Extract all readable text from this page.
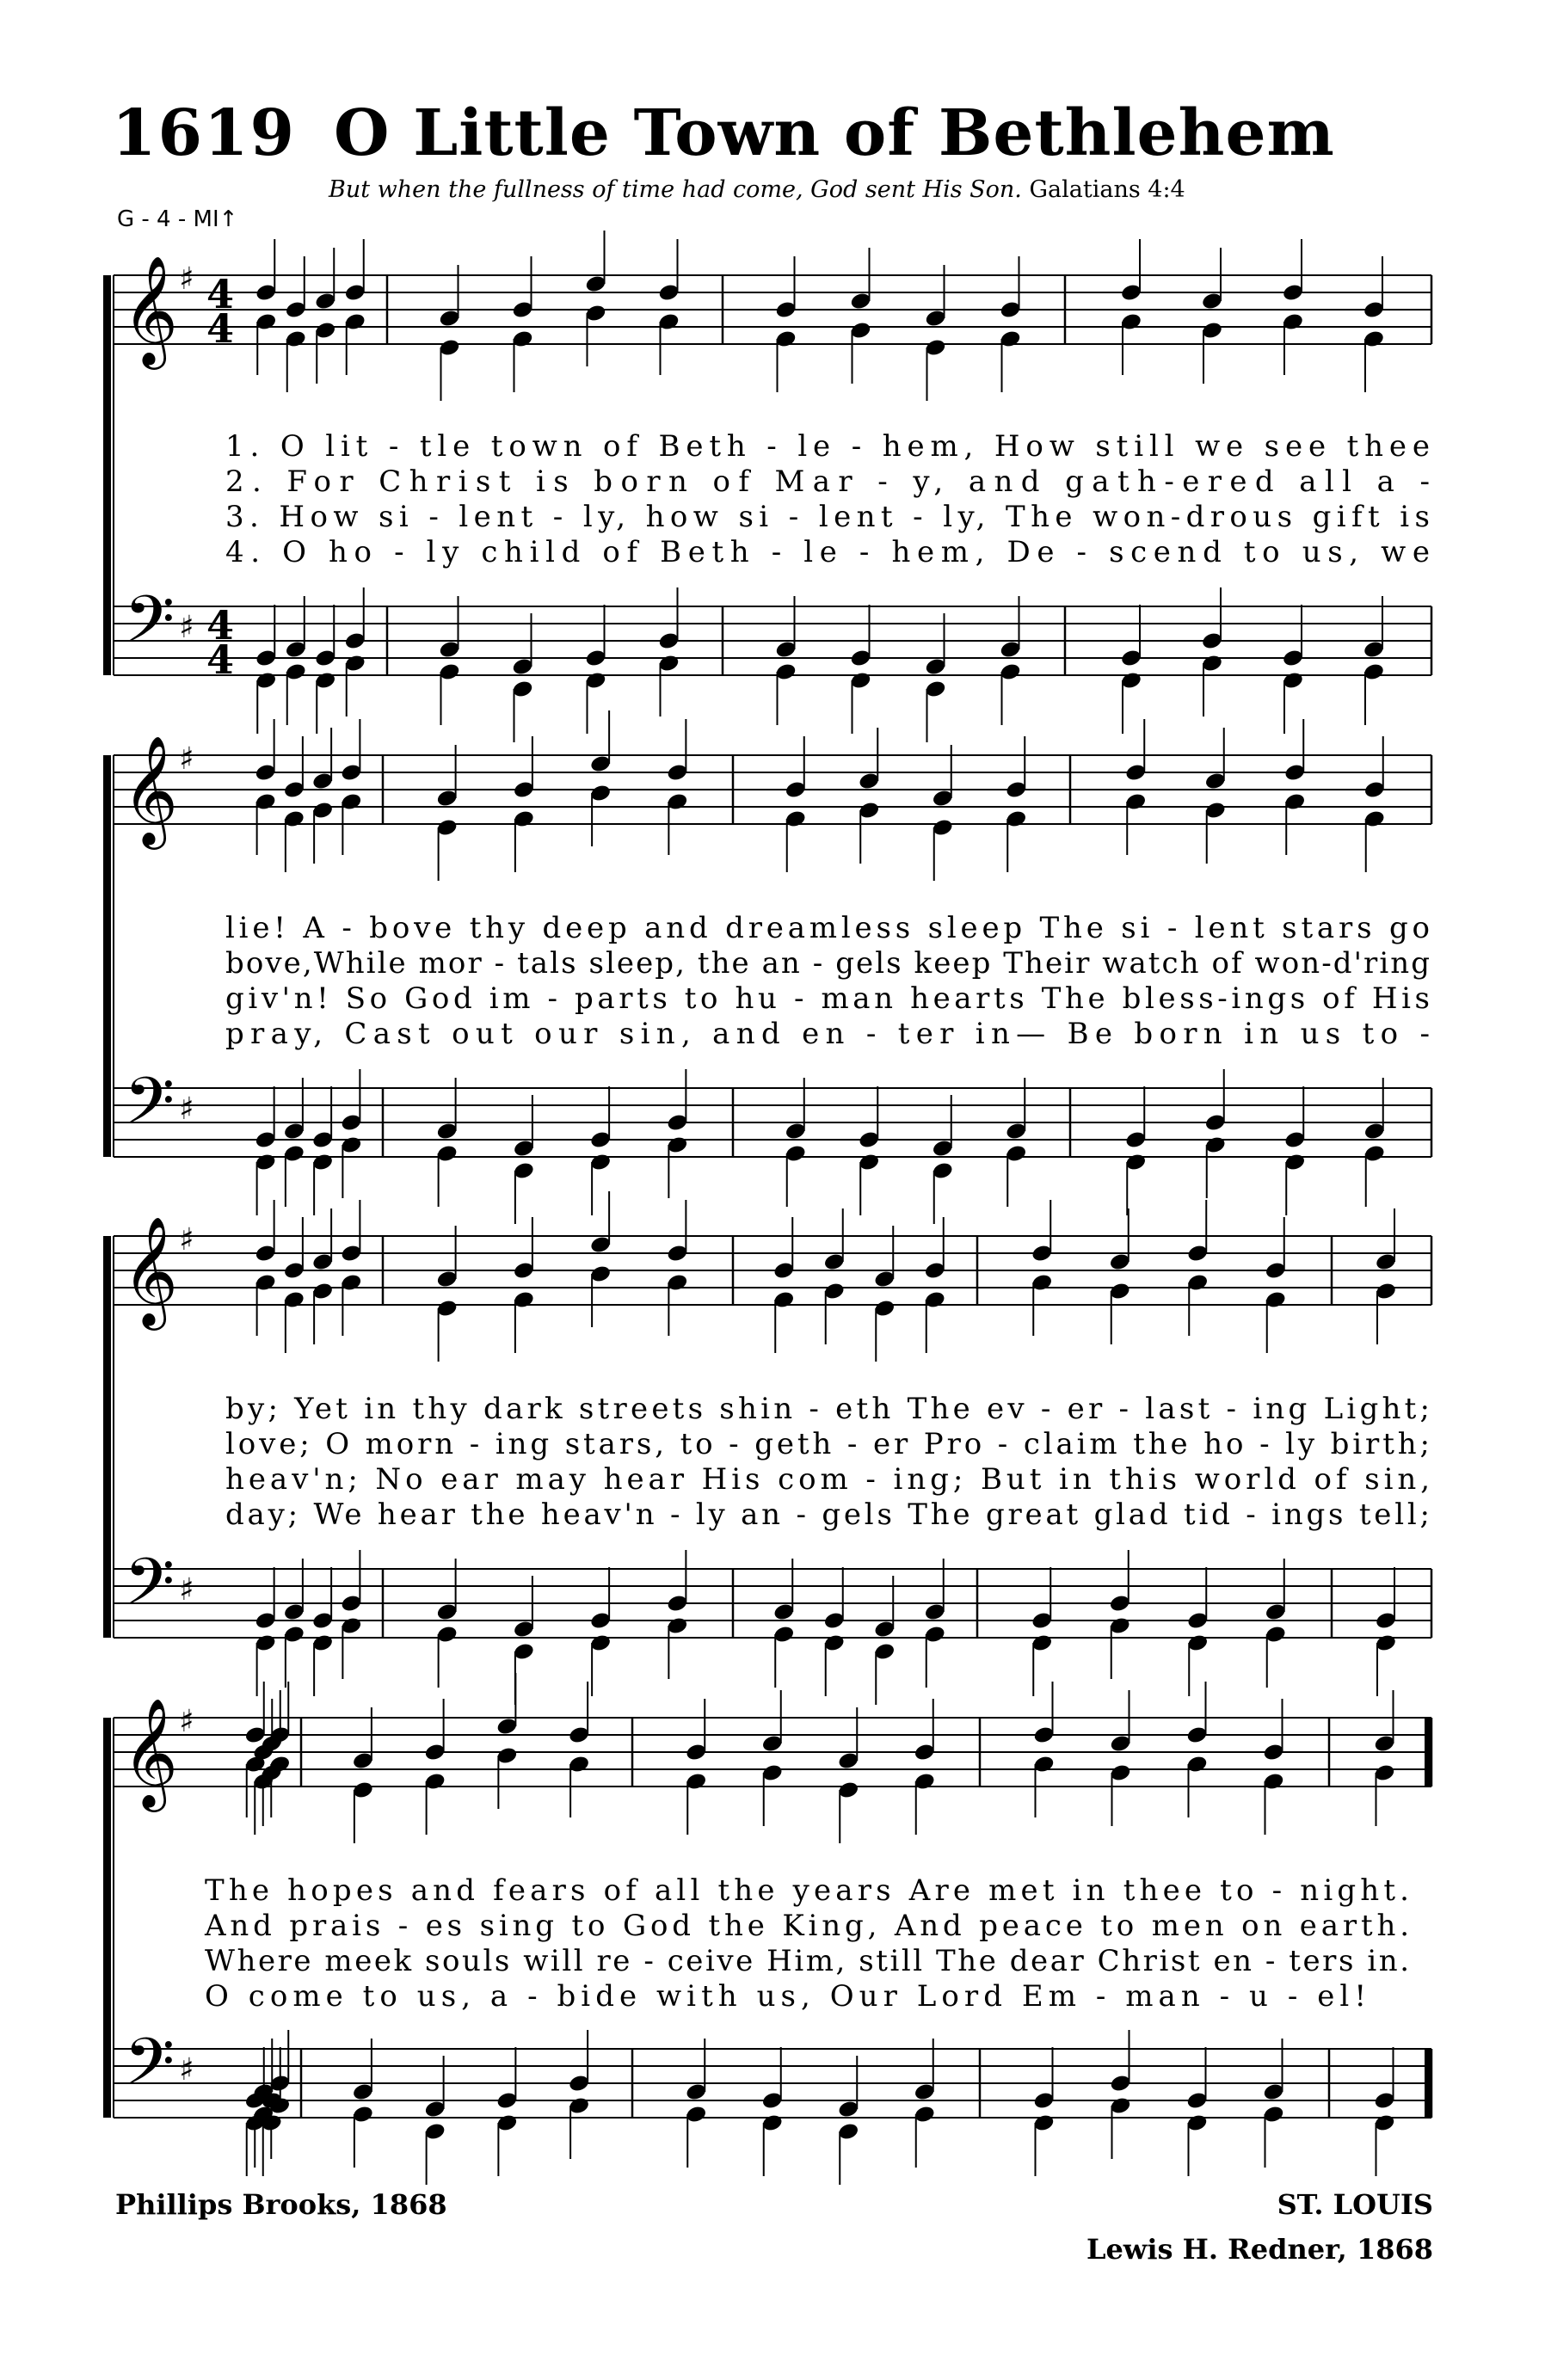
1619 O Little Town of Bethlehem
But when the fullness of time had come, God sent His Son. Galatians 4:4
G - 4 - MI↑
𝄞
𝄢
♯
♯
4
4
4
4
1. O lit - tle town of Beth - le - hem, How still we see thee
2. For Christ is born of Mar - y, and gath-ered all a -
3. How si - lent - ly, how si - lent - ly, The won-drous gift is
4. O ho - ly child of Beth - le - hem, De - scend to us, we
𝄞
𝄢
♯
♯
lie! A - bove thy deep and dreamless sleep The si - lent stars go
bove,While mor - tals sleep, the an - gels keep Their watch of won-d'ring
giv'n! So God im - parts to hu - man hearts The bless-ings of His
pray, Cast out our sin, and en - ter in— Be born in us to -
𝄞
𝄢
♯
♯
by; Yet in thy dark streets shin - eth The ev - er - last - ing Light;
love; O morn - ing stars, to - geth - er Pro - claim the ho - ly birth;
heav'n; No ear may hear His com - ing; But in this world of sin,
day; We hear the heav'n - ly an - gels The great glad tid - ings tell;
𝄞
𝄢
♯
♯
The hopes and fears of all the years Are met in thee to - night.
And prais - es sing to God the King, And peace to men on earth.
Where meek souls will re - ceive Him, still The dear Christ en - ters in.
O come to us, a - bide with us, Our Lord Em - man - u - el!
Phillips Brooks, 1868	ST. LOUIS
Lewis H. Redner, 1868
